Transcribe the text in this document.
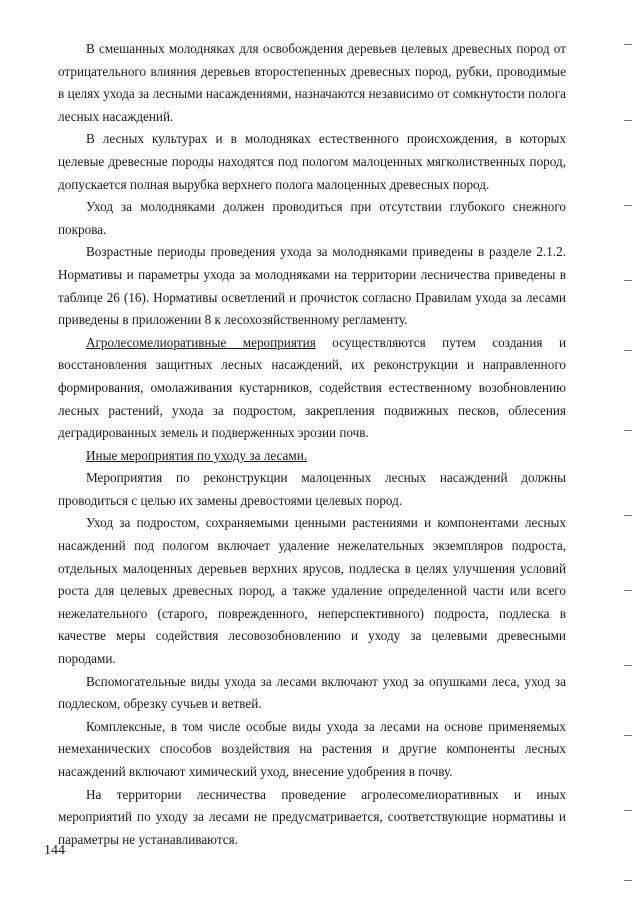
В смешанных молодняках для освобождения деревьев целевых древесных пород от отрицательного влияния деревьев второстепенных древесных пород, рубки, проводимые в целях ухода за лесными насаждениями, назначаются независимо от сомкнутости полога лесных насаждений.

В лесных культурах и в молодняках естественного происхождения, в которых целевые древесные породы находятся под пологом малоценных мягколиственных пород, допускается полная вырубка верхнего полога малоценных древесных пород.

Уход за молодняками должен проводиться при отсутствии глубокого снежного покрова.

Возрастные периоды проведения ухода за молодняками приведены в разделе 2.1.2. Нормативы и параметры ухода за молодняками на территории лесничества приведены в таблице 26 (16). Нормативы осветлений и прочисток согласно Правилам ухода за лесами приведены в приложении 8 к лесохозяйственному регламенту.

Агролесомелиоративные мероприятия осуществляются путем создания и восстановления защитных лесных насаждений, их реконструкции и направленного формирования, омолаживания кустарников, содействия естественному возобновлению лесных растений, ухода за подростом, закрепления подвижных песков, облесения деградированных земель и подверженных эрозии почв.

Иные мероприятия по уходу за лесами.

Мероприятия по реконструкции малоценных лесных насаждений должны проводиться с целью их замены древостоями целевых пород.

Уход за подростом, сохраняемыми ценными растениями и компонентами лесных насаждений под пологом включает удаление нежелательных экземпляров подроста, отдельных малоценных деревьев верхних ярусов, подлеска в целях улучшения условий роста для целевых древесных пород, а также удаление определенной части или всего нежелательного (старого, поврежденного, неперспективного) подроста, подлеска в качестве меры содействия лесовозобновлению и уходу за целевыми древесными породами.

Вспомогательные виды ухода за лесами включают уход за опушками леса, уход за подлеском, обрезку сучьев и ветвей.

Комплексные, в том числе особые виды ухода за лесами на основе применяемых немеханических способов воздействия на растения и другие компоненты лесных насаждений включают химический уход, внесение удобрения в почву.

На территории лесничества проведение агролесомелиоративных и иных мероприятий по уходу за лесами не предусматривается, соответствующие нормативы и параметры не устанавливаются.

144
